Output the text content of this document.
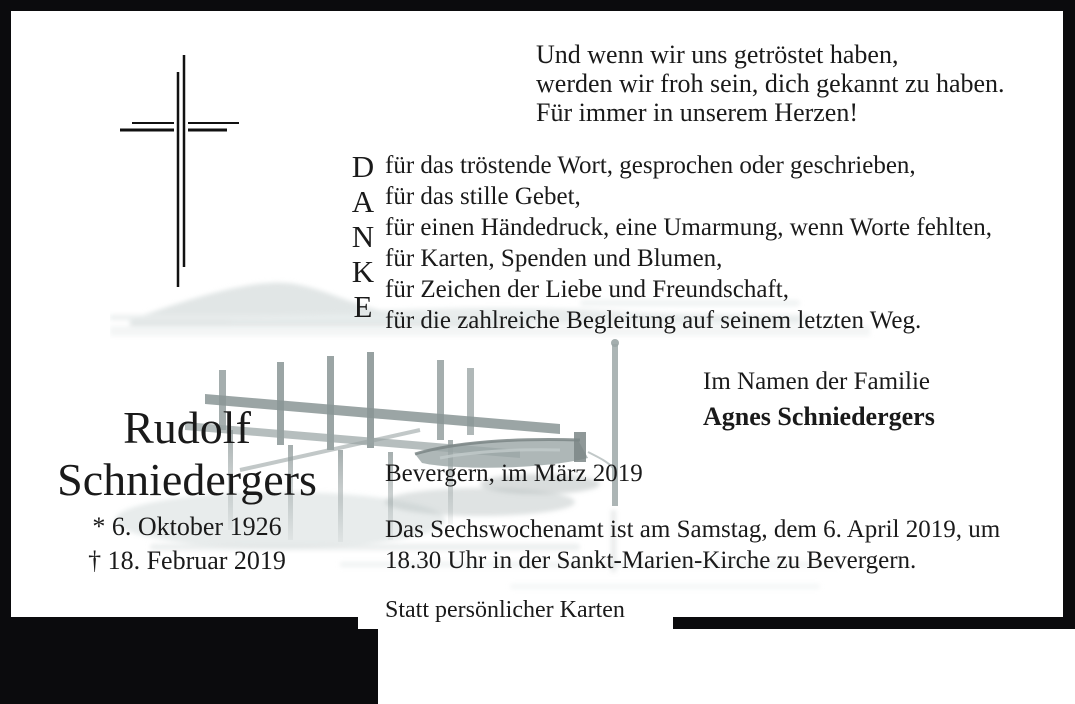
Und wenn wir uns getröstet haben,
werden wir froh sein, dich gekannt zu haben.
Für immer in unserem Herzen!
D
A
N
K
E
für das tröstende Wort, gesprochen oder geschrieben,
für das stille Gebet,
für einen Händedruck, eine Umarmung, wenn Worte fehlten,
für Karten, Spenden und Blumen,
für Zeichen der Liebe und Freundschaft,
für die zahlreiche Begleitung auf seinem letzten Weg.
Im Namen der Familie
Agnes Schniedergers
Rudolf
Schniedergers
* 6. Oktober 1926
† 18. Februar 2019
Bevergern, im März 2019
Das Sechswochenamt ist am Samstag, dem 6. April 2019, um
18.30 Uhr in der Sankt-Marien-Kirche zu Bevergern.
Statt persönlicher Karten
